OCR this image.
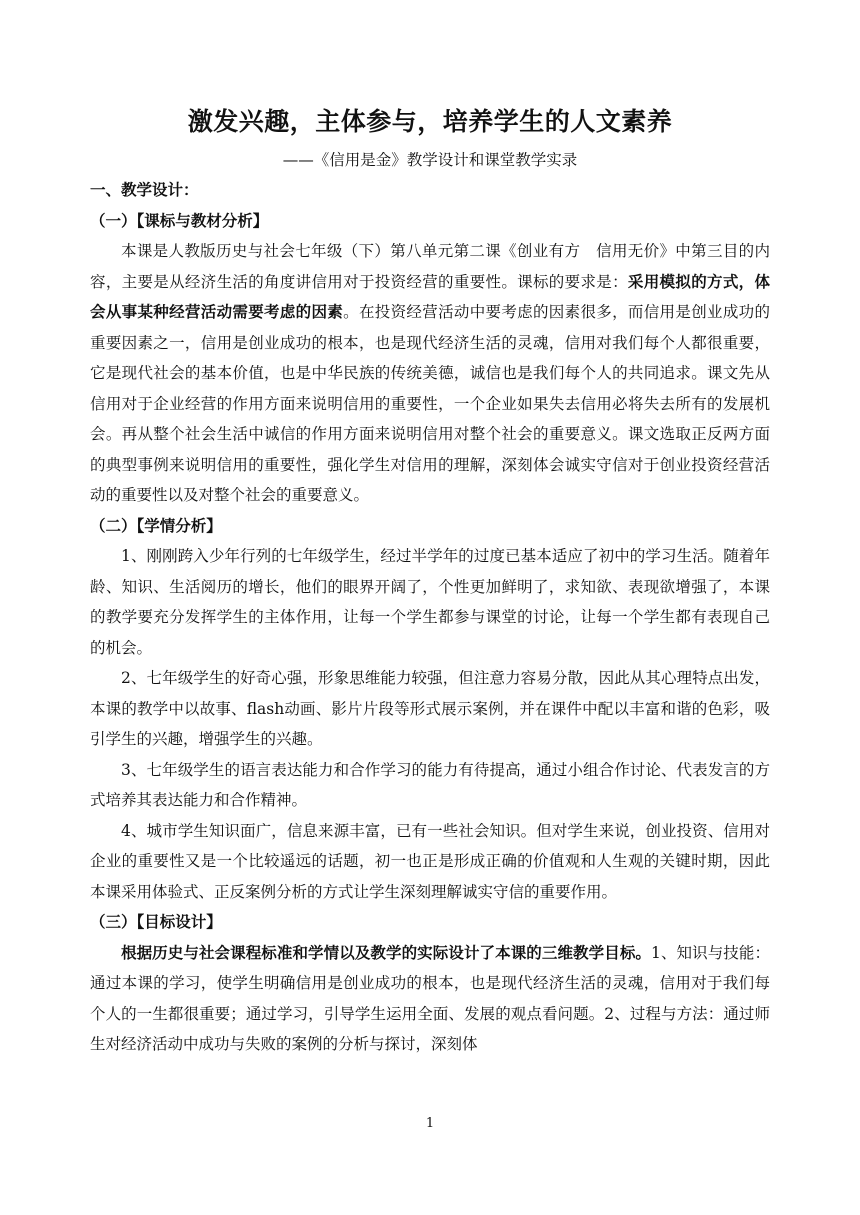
激发兴趣，主体参与，培养学生的人文素养
——《信用是金》教学设计和课堂教学实录
一、教学设计：
（一）【课标与教材分析】

本课是人教版历史与社会七年级（下）第八单元第二课《创业有方　信用无价》中第三目的内容，主要是从经济生活的角度讲信用对于投资经营的重要性。课标的要求是：采用模拟的方式，体会从事某种经营活动需要考虑的因素。在投资经营活动中要考虑的因素很多，而信用是创业成功的重要因素之一，信用是创业成功的根本，也是现代经济生活的灵魂，信用对我们每个人都很重要，它是现代社会的基本价值，也是中华民族的传统美德，诚信也是我们每个人的共同追求。课文先从信用对于企业经营的作用方面来说明信用的重要性，一个企业如果失去信用必将失去所有的发展机会。再从整个社会生活中诚信的作用方面来说明信用对整个社会的重要意义。课文选取正反两方面的典型事例来说明信用的重要性，强化学生对信用的理解，深刻体会诚实守信对于创业投资经营活动的重要性以及对整个社会的重要意义。

（二）【学情分析】

1、刚刚跨入少年行列的七年级学生，经过半学年的过度已基本适应了初中的学习生活。随着年龄、知识、生活阅历的增长，他们的眼界开阔了，个性更加鲜明了，求知欲、表现欲增强了，本课的教学要充分发挥学生的主体作用，让每一个学生都参与课堂的讨论，让每一个学生都有表现自己的机会。

2、七年级学生的好奇心强，形象思维能力较强，但注意力容易分散，因此从其心理特点出发，本课的教学中以故事、flash动画、影片片段等形式展示案例，并在课件中配以丰富和谐的色彩，吸引学生的兴趣，增强学生的兴趣。

3、七年级学生的语言表达能力和合作学习的能力有待提高，通过小组合作讨论、代表发言的方式培养其表达能力和合作精神。

4、城市学生知识面广，信息来源丰富，已有一些社会知识。但对学生来说，创业投资、信用对企业的重要性又是一个比较遥远的话题，初一也正是形成正确的价值观和人生观的关键时期，因此本课采用体验式、正反案例分析的方式让学生深刻理解诚实守信的重要作用。

（三）【目标设计】

根据历史与社会课程标准和学情以及教学的实际设计了本课的三维教学目标。1、知识与技能：通过本课的学习，使学生明确信用是创业成功的根本，也是现代经济生活的灵魂，信用对于我们每个人的一生都很重要；通过学习，引导学生运用全面、发展的观点看问题。2、过程与方法：通过师生对经济活动中成功与失败的案例的分析与探讨，深刻体

1
